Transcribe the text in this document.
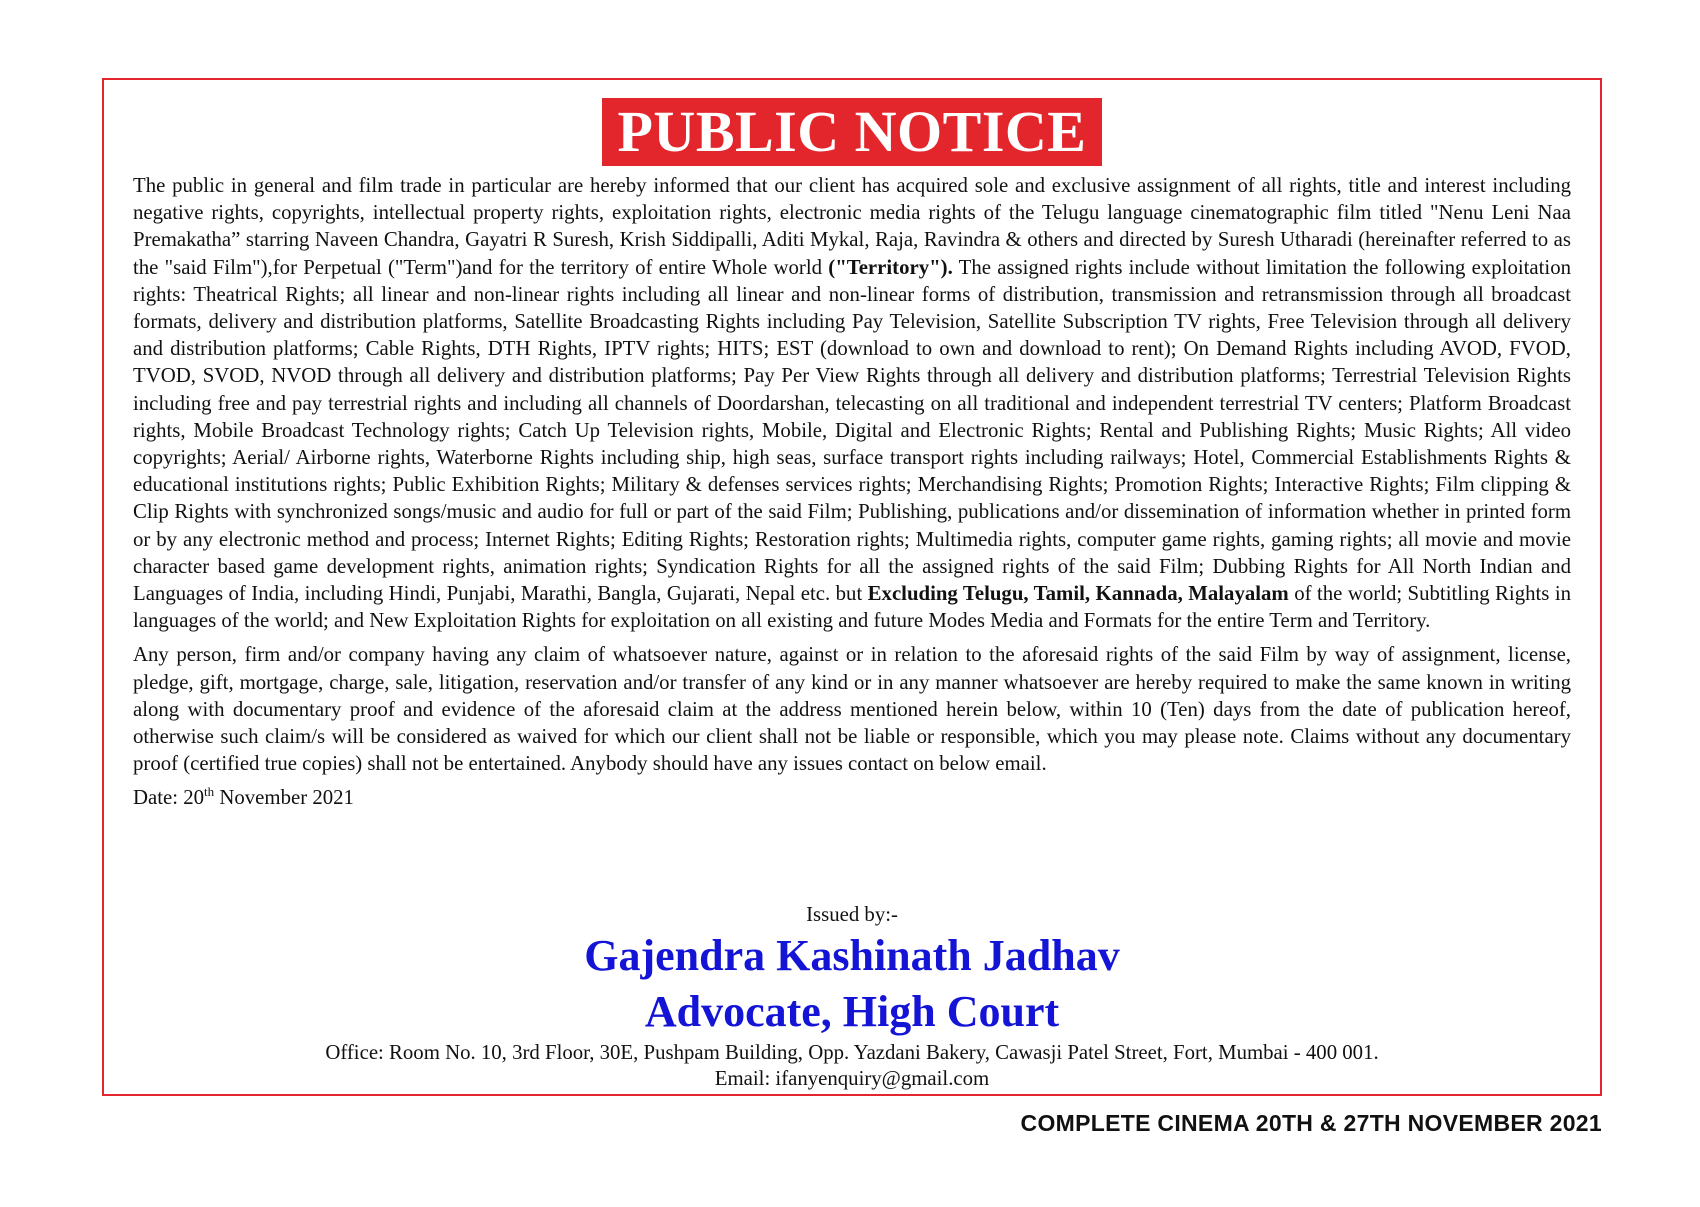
PUBLIC NOTICE

The public in general and film trade in particular are hereby informed that our client has acquired sole and exclusive assignment of all rights, title and interest including negative rights, copyrights, intellectual property rights, exploitation rights, electronic media rights of the Telugu language cinematographic film titled "Nenu Leni Naa Premakatha” starring Naveen Chandra, Gayatri R Suresh, Krish Siddipalli, Aditi Mykal, Raja, Ravindra & others and directed by Suresh Utharadi (hereinafter referred to as the "said Film"),for Perpetual ("Term")and for the territory of entire Whole world ("Territory"). The assigned rights include without limitation the following exploitation rights: Theatrical Rights; all linear and non-linear rights including all linear and non-linear forms of distribution, transmission and retransmission through all broadcast formats, delivery and distribution platforms, Satellite Broadcasting Rights including Pay Television, Satellite Subscription TV rights, Free Television through all delivery and distribution platforms; Cable Rights, DTH Rights, IPTV rights; HITS; EST (download to own and download to rent); On Demand Rights including AVOD, FVOD, TVOD, SVOD, NVOD through all delivery and distribution platforms; Pay Per View Rights through all delivery and distribution platforms; Terrestrial Television Rights including free and pay terrestrial rights and including all channels of Doordarshan, telecasting on all traditional and independent terrestrial TV centers; Platform Broadcast rights, Mobile Broadcast Technology rights; Catch Up Television rights, Mobile, Digital and Electronic Rights; Rental and Publishing Rights; Music Rights; All video copyrights; Aerial/ Airborne rights, Waterborne Rights including ship, high seas, surface transport rights including railways; Hotel, Commercial Establishments Rights & educational institutions rights; Public Exhibition Rights; Military & defenses services rights; Merchandising Rights; Promotion Rights; Interactive Rights; Film clipping & Clip Rights with synchronized songs/music and audio for full or part of the said Film; Publishing, publications and/or dissemination of information whether in printed form or by any electronic method and process; Internet Rights; Editing Rights; Restoration rights; Multimedia rights, computer game rights, gaming rights; all movie and movie character based game development rights, animation rights; Syndication Rights for all the assigned rights of the said Film; Dubbing Rights for All North Indian and Languages of India, including Hindi, Punjabi, Marathi, Bangla, Gujarati, Nepal etc. but Excluding Telugu, Tamil, Kannada, Malayalam of the world; Subtitling Rights in languages of the world; and New Exploitation Rights for exploitation on all existing and future Modes Media and Formats for the entire Term and Territory.

Any person, firm and/or company having any claim of whatsoever nature, against or in relation to the aforesaid rights of the said Film by way of assignment, license, pledge, gift, mortgage, charge, sale, litigation, reservation and/or transfer of any kind or in any manner whatsoever are hereby required to make the same known in writing along with documentary proof and evidence of the aforesaid claim at the address mentioned herein below, within 10 (Ten) days from the date of publication hereof, otherwise such claim/s will be considered as waived for which our client shall not be liable or responsible, which you may please note. Claims without any documentary proof (certified true copies) shall not be entertained. Anybody should have any issues contact on below email.

Date: 20th November 2021

Issued by:-
Gajendra Kashinath Jadhav
Advocate, High Court
Office: Room No. 10, 3rd Floor, 30E, Pushpam Building, Opp. Yazdani Bakery, Cawasji Patel Street, Fort, Mumbai - 400 001.
Email: ifanyenquiry@gmail.com
COMPLETE CINEMA 20TH & 27TH NOVEMBER 2021
